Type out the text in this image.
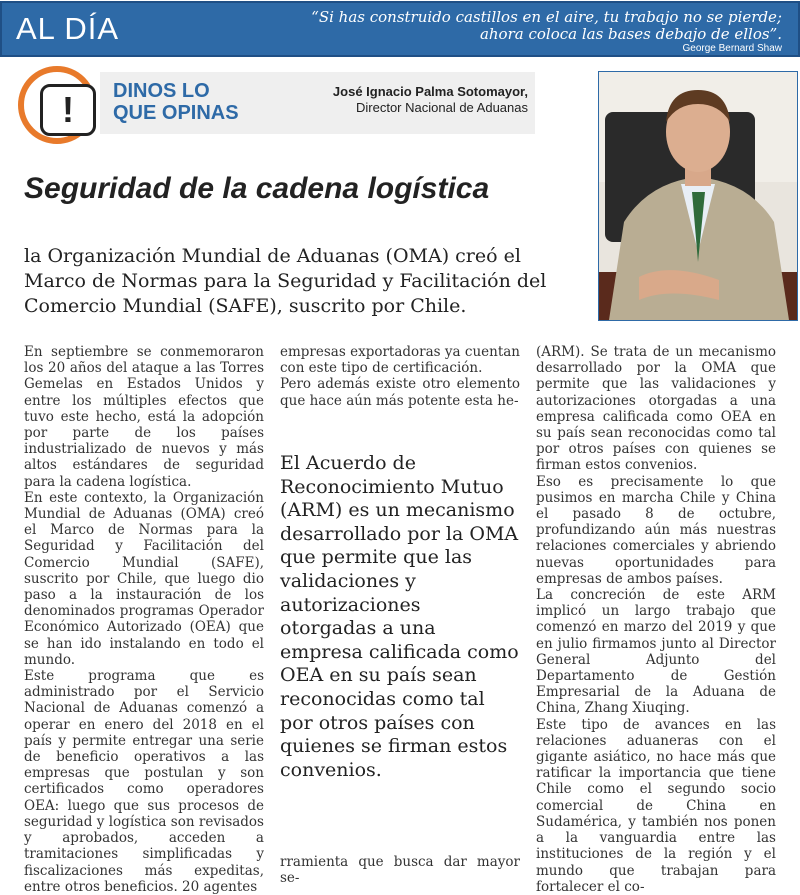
AL DÍA	“Si has construido castillos en el aire, tu trabajo no se pierde; ahora coloca las bases debajo de ellos”.
George Bernard Shaw
!	DINOS LO
QUE OPINAS
José Ignacio Palma Sotomayor,
Director Nacional de Aduanas
Seguridad de la cadena logística
la Organización Mundial de Aduanas (OMA) creó el Marco de Normas para la Seguridad y Facilitación del Comercio Mundial (SAFE), suscrito por Chile.

En septiembre se conmemoraron los 20 años del ataque a las Torres Gemelas en Estados Unidos y entre los múltiples efectos que tuvo este hecho, está la adopción por parte de los países industrializado de nuevos y más altos estándares de seguridad para la cadena logística.

En este contexto, la Organización Mundial de Aduanas (OMA) creó el Marco de Normas para la Seguridad y Facilitación del Comercio Mundial (SAFE), suscrito por Chile, que luego dio paso a la instauración de los denominados programas Operador Económico Autorizado (OEA) que se han ido instalando en todo el mundo.

Este programa que es administrado por el Servicio Nacional de Aduanas comenzó a operar en enero del 2018 en el país y permite entregar una serie de beneficio operativos a las empresas que postulan y son certificados como operadores OEA: luego que sus procesos de seguridad y logística son revisados y aprobados, acceden a tramitaciones simplificadas y fiscalizaciones más expeditas, entre otros beneficios. 20 agentes

empresas exportadoras ya cuentan con este tipo de certificación.

Pero además existe otro elemento que hace aún más potente esta he-

El Acuerdo de Reconocimiento Mutuo (ARM) es un mecanismo desarrollado por la OMA que permite que las validaciones y autorizaciones otorgadas a una empresa calificada como OEA en su país sean reconocidas como tal por otros países con quienes se firman estos convenios.

rramienta que busca dar mayor se-

(ARM). Se trata de un mecanismo desarrollado por la OMA que permite que las validaciones y autorizaciones otorgadas a una empresa calificada como OEA en su país sean reconocidas como tal por otros países con quienes se firman estos convenios.

Eso es precisamente lo que pusimos en marcha Chile y China el pasado 8 de octubre, profundizando aún más nuestras relaciones comerciales y abriendo nuevas oportunidades para empresas de ambos países.

La concreción de este ARM implicó un largo trabajo que comenzó en marzo del 2019 y que en julio firmamos junto al Director General Adjunto del Departamento de Gestión Empresarial de la Aduana de China, Zhang Xiuqing.

Este tipo de avances en las relaciones aduaneras con el gigante asiático, no hace más que ratificar la importancia que tiene Chile como el segundo socio comercial de China en Sudamérica, y también nos ponen a la vanguardia entre las instituciones de la región y el mundo que trabajan para fortalecer el co-
